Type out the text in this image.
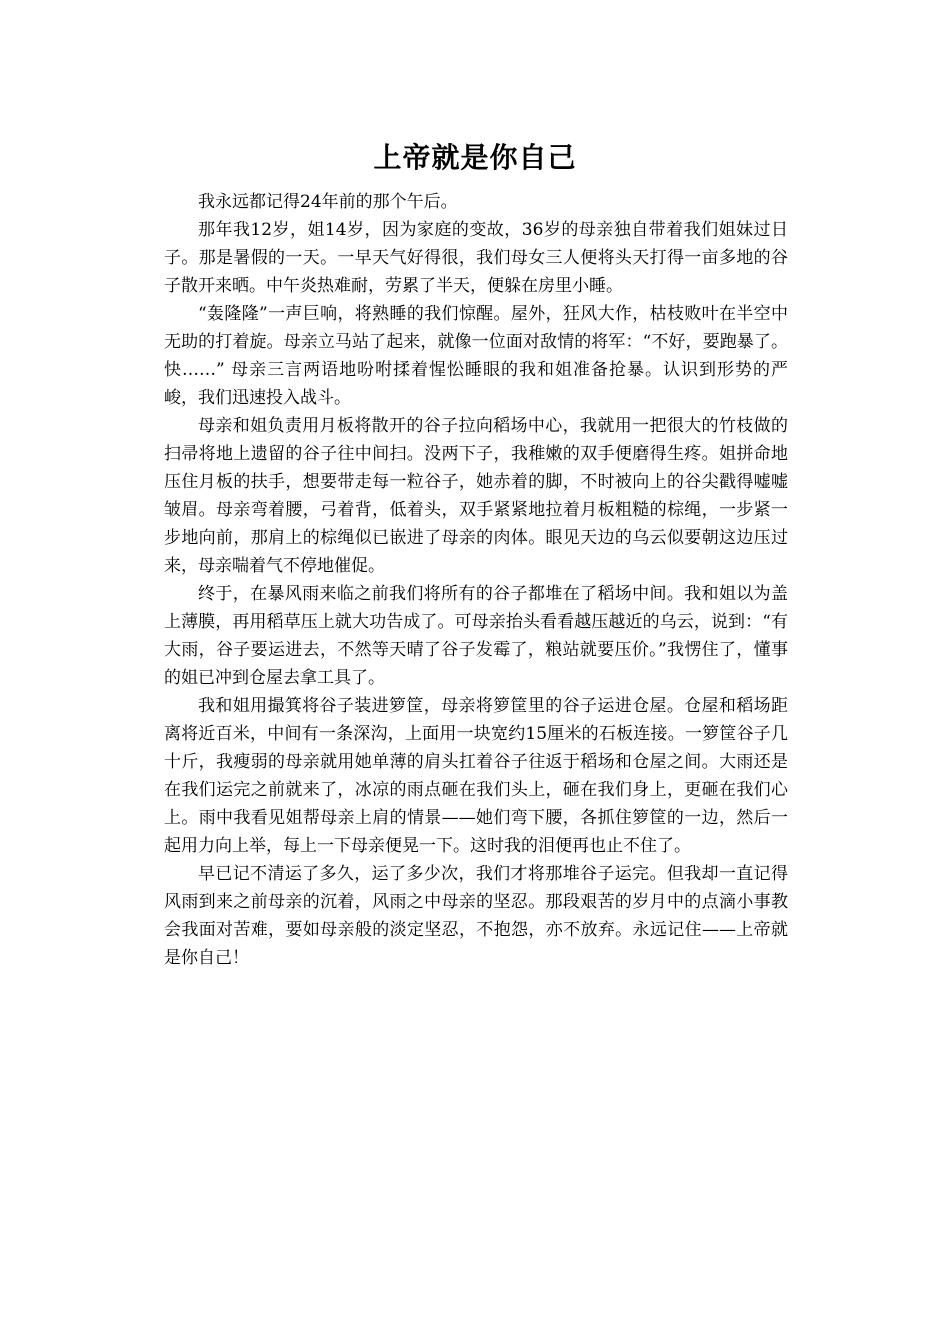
上帝就是你自己

我永远都记得24年前的那个午后。

那年我12岁，姐14岁，因为家庭的变故，36岁的母亲独自带着我们姐妹过日子。那是暑假的一天。一早天气好得很，我们母女三人便将头天打得一亩多地的谷子散开来晒。中午炎热难耐，劳累了半天，便躲在房里小睡。

“轰隆隆”一声巨响，将熟睡的我们惊醒。屋外，狂风大作，枯枝败叶在半空中无助的打着旋。母亲立马站了起来，就像一位面对敌情的将军：“不好，要跑暴了。快……” 母亲三言两语地吩咐揉着惺忪睡眼的我和姐准备抢暴。认识到形势的严峻，我们迅速投入战斗。

母亲和姐负责用月板将散开的谷子拉向稻场中心，我就用一把很大的竹枝做的扫帚将地上遗留的谷子往中间扫。没两下子，我稚嫩的双手便磨得生疼。姐拼命地压住月板的扶手，想要带走每一粒谷子，她赤着的脚，不时被向上的谷尖戳得嘘嘘皱眉。母亲弯着腰，弓着背，低着头，双手紧紧地拉着月板粗糙的棕绳，一步紧一步地向前，那肩上的棕绳似已嵌进了母亲的肉体。眼见天边的乌云似要朝这边压过来，母亲喘着气不停地催促。

终于，在暴风雨来临之前我们将所有的谷子都堆在了稻场中间。我和姐以为盖上薄膜，再用稻草压上就大功告成了。可母亲抬头看看越压越近的乌云，说到：“有大雨，谷子要运进去，不然等天晴了谷子发霉了，粮站就要压价。”我愣住了，懂事的姐已冲到仓屋去拿工具了。

我和姐用撮箕将谷子装进箩筐，母亲将箩筐里的谷子运进仓屋。仓屋和稻场距离将近百米，中间有一条深沟，上面用一块宽约15厘米的石板连接。一箩筐谷子几十斤，我瘦弱的母亲就用她单薄的肩头扛着谷子往返于稻场和仓屋之间。大雨还是在我们运完之前就来了，冰凉的雨点砸在我们头上，砸在我们身上，更砸在我们心上。雨中我看见姐帮母亲上肩的情景——她们弯下腰，各抓住箩筐的一边，然后一起用力向上举，每上一下母亲便晃一下。这时我的泪便再也止不住了。

早已记不清运了多久，运了多少次，我们才将那堆谷子运完。但我却一直记得风雨到来之前母亲的沉着，风雨之中母亲的坚忍。那段艰苦的岁月中的点滴小事教会我面对苦难，要如母亲般的淡定坚忍，不抱怨，亦不放弃。永远记住——上帝就是你自己！
